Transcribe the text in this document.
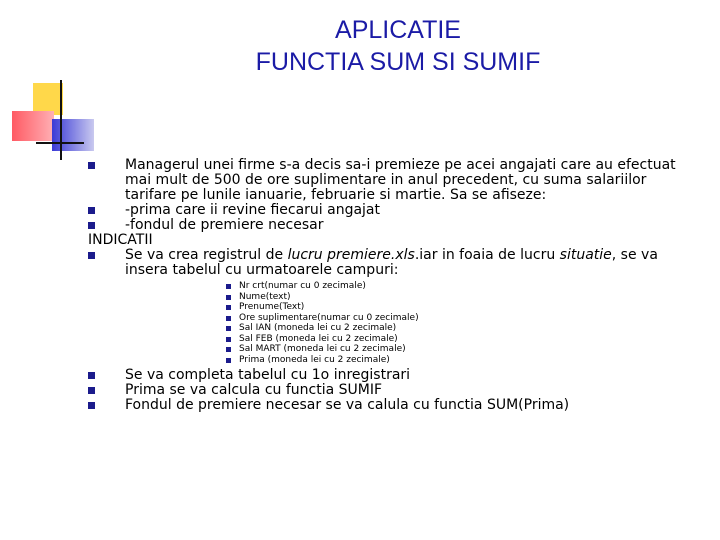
APLICATIE
FUNCTIA SUM SI SUMIF
Managerul unei firme s-a decis sa-i premieze pe acei angajati care au efectuat mai mult de 500 de ore suplimentare in anul precedent, cu suma salariilor tarifare pe lunile ianuarie, februarie si martie. Sa se afiseze:
-prima care ii revine fiecarui angajat
-fondul de premiere necesar
INDICATII
Se va crea registrul de lucru premiere.xls.iar in foaia de lucru situatie, se va insera tabelul cu urmatoarele campuri:
Nr crt(numar cu 0 zecimale)
Nume(text)
Prenume(Text)
Ore suplimentare(numar cu 0 zecimale)
Sal IAN (moneda lei cu 2 zecimale)
Sal FEB (moneda lei cu 2 zecimale)
Sal MART (moneda lei cu 2 zecimale)
Prima (moneda lei cu 2 zecimale)
Se va completa tabelul cu 1o inregistrari
Prima se va calcula cu functia SUMIF
Fondul de premiere necesar se va calula cu functia SUM(Prima)
